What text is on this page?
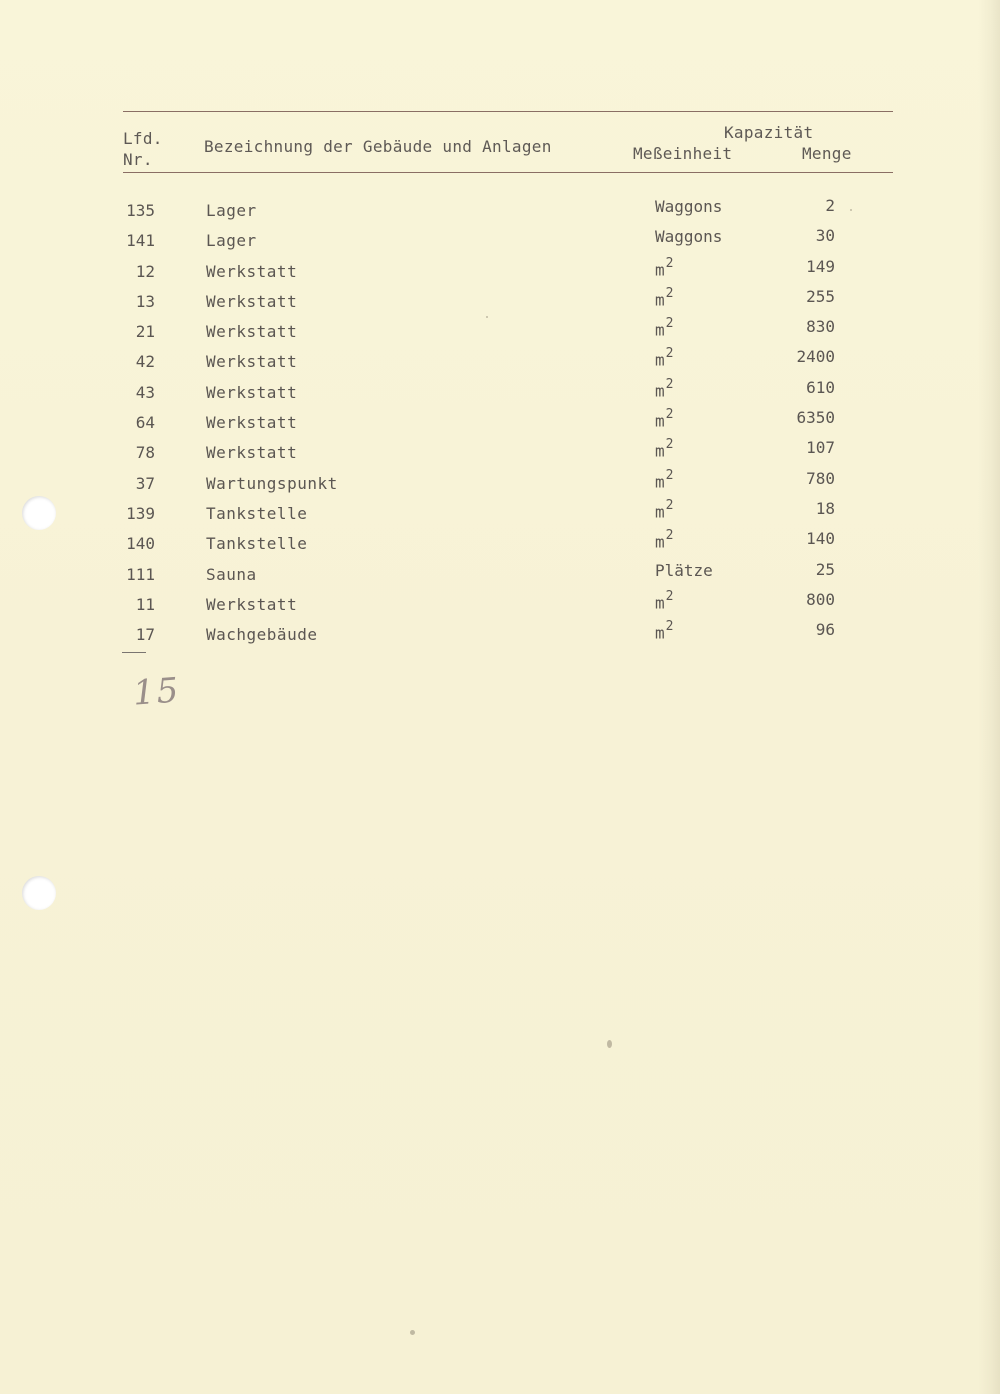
Lfd.
Nr.
Bezeichnung der Gebäude und Anlagen
Kapazität
Meßeinheit	Menge
135	Lager	Waggons	2
141	Lager	Waggons	30
12	Werkstatt	$m^2$	149
13	Werkstatt	$m^2$	255
21	Werkstatt	$m^2$	830
42	Werkstatt	$m^2$	2400
43	Werkstatt	$m^2$	610
64	Werkstatt	$m^2$	6350
78	Werkstatt	$m^2$	107
37	Wartungspunkt	$m^2$	780
139	Tankstelle	$m^2$	18
140	Tankstelle	$m^2$	140
111	Sauna	Plätze	25
11	Werkstatt	$m^2$	800
17	Wachgebäude	$m^2$	96
15
